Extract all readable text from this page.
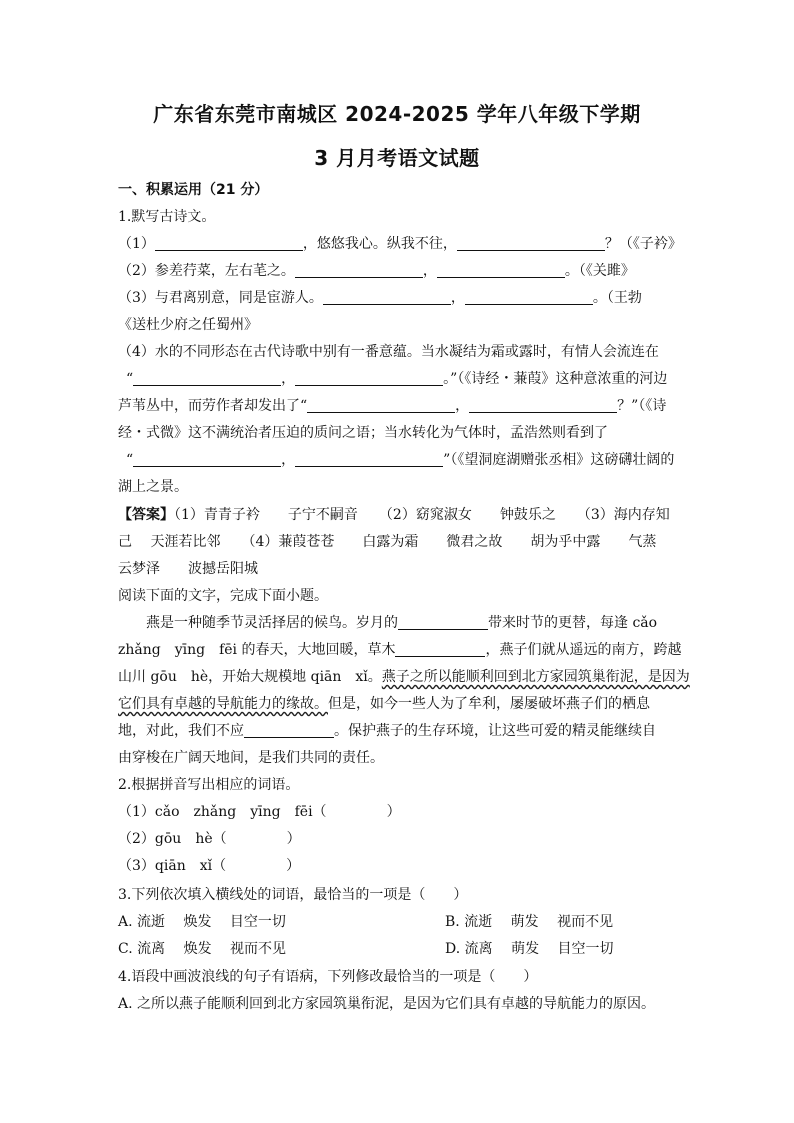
广东省东莞市南城区 2024-2025 学年八年级下学期
3 月月考语文试题
一、积累运用（21 分）
1.默写古诗文。
（1）	，悠悠我心。纵我不往，	？（《子衿》
（2）参差荇菜，左右芼之。	，	。（《关雎》
（3）与君离别意，同是宦游人。	，	。（王勃
《送杜少府之任蜀州》
（4）水的不同形态在古代诗歌中别有一番意蕴。当水凝结为霜或露时，有情人会流连在
“	，	。”（《诗经・蒹葭》这种意浓重的河边
芦苇丛中，而劳作者却发出了“	，	？”（《诗
经・式微》这不满统治者压迫的质问之语；当水转化为气体时，孟浩然则看到了
“	，	”（《望洞庭湖赠张丞相》这磅礴壮阔的
湖上之景。
【答案】（1）青青子衿　　子宁不嗣音　　（2）窈窕淑女　　钟鼓乐之　　（3）海内存知
己　 天涯若比邻　　（4）蒹葭苍苍　　白露为霜　　微君之故　　胡为乎中露　　气蒸
云梦泽　　波撼岳阳城
阅读下面的文字，完成下面小题。
燕是一种随季节灵活择居的候鸟。岁月的	带来时节的更替，每逢 cǎo
zhǎng　yīng　fēi 的春天，大地回暖，草木	，燕子们就从遥远的南方，跨越
山川 gōu　hè，开始大规模地 qiān　xǐ。燕子之所以能顺利回到北方家园筑巢衔泥，是因为
它们具有卓越的导航能力的缘故。但是，如今一些人为了牟利，屡屡破坏燕子们的栖息
地，对此，我们不应	。保护燕子的生存环境，让这些可爱的精灵能继续自
由穿梭在广阔天地间，是我们共同的责任。
2.根据拼音写出相应的词语。
（1）cǎo　zhǎng　yīng　fēi（	）
（2）gōu　hè（	）
（3）qiān　xǐ（	）
3.下列依次填入横线处的词语，最恰当的一项是（　　）
A. 流逝　 焕发　 目空一切	B. 流逝　 萌发　 视而不见
C. 流离　 焕发　 视而不见	D. 流离　 萌发　 目空一切
4.语段中画波浪线的句子有语病，下列修改最恰当的一项是（　　）
A. 之所以燕子能顺利回到北方家园筑巢衔泥，是因为它们具有卓越的导航能力的原因。
